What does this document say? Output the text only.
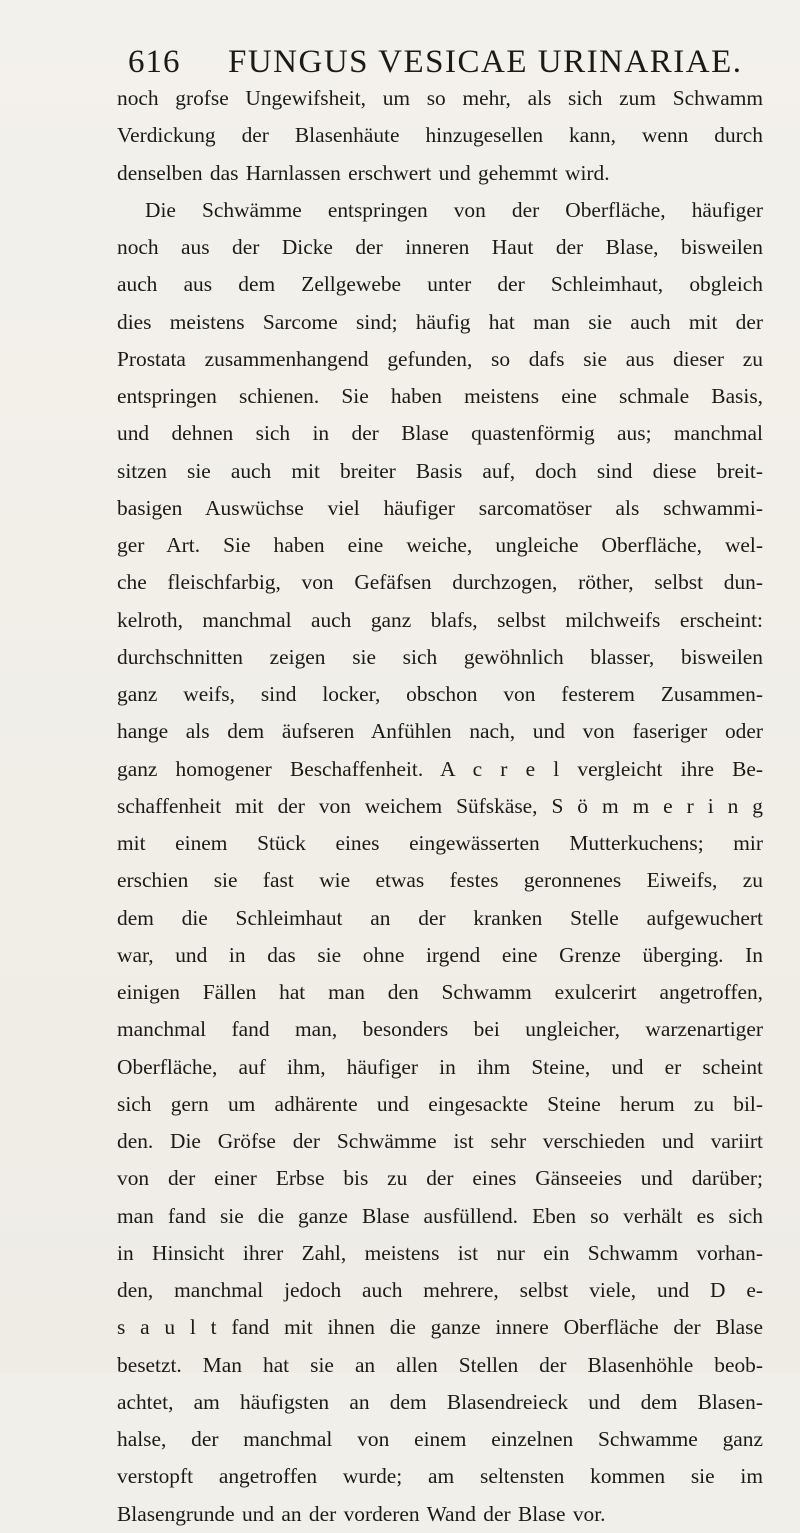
616 FUNGUS VESICAE URINARIAE.
noch grofse Ungewifsheit, um so mehr, als sich zum Schwamm
Verdickung der Blasenhäute hinzugesellen kann, wenn durch
denselben das Harnlassen erschwert und gehemmt wird.
Die Schwämme entspringen von der Oberfläche, häufiger
noch aus der Dicke der inneren Haut der Blase, bisweilen
auch aus dem Zellgewebe unter der Schleimhaut, obgleich
dies meistens Sarcome sind; häufig hat man sie auch mit der
Prostata zusammenhangend gefunden, so dafs sie aus dieser zu
entspringen schienen. Sie haben meistens eine schmale Basis,
und dehnen sich in der Blase quastenförmig aus; manchmal
sitzen sie auch mit breiter Basis auf, doch sind diese breit-
basigen Auswüchse viel häufiger sarcomatöser als schwammi-
ger Art. Sie haben eine weiche, ungleiche Oberfläche, wel-
che fleischfarbig, von Gefäfsen durchzogen, röther, selbst dun-
kelroth, manchmal auch ganz blafs, selbst milchweifs erscheint:
durchschnitten zeigen sie sich gewöhnlich blasser, bisweilen
ganz weifs, sind locker, obschon von festerem Zusammen-
hange als dem äufseren Anfühlen nach, und von faseriger oder
ganz homogener Beschaffenheit. A c r e l vergleicht ihre Be-
schaffenheit mit der von weichem Süfskäse, S ö m m e r i n g
mit einem Stück eines eingewässerten Mutterkuchens; mir
erschien sie fast wie etwas festes geronnenes Eiweifs, zu
dem die Schleimhaut an der kranken Stelle aufgewuchert
war, und in das sie ohne irgend eine Grenze überging. In
einigen Fällen hat man den Schwamm exulcerirt angetroffen,
manchmal fand man, besonders bei ungleicher, warzenartiger
Oberfläche, auf ihm, häufiger in ihm Steine, und er scheint
sich gern um adhärente und eingesackte Steine herum zu bil-
den. Die Gröfse der Schwämme ist sehr verschieden und variirt
von der einer Erbse bis zu der eines Gänseeies und darüber;
man fand sie die ganze Blase ausfüllend. Eben so verhält es sich
in Hinsicht ihrer Zahl, meistens ist nur ein Schwamm vorhan-
den, manchmal jedoch auch mehrere, selbst viele, und D e-
s a u l t fand mit ihnen die ganze innere Oberfläche der Blase
besetzt. Man hat sie an allen Stellen der Blasenhöhle beob-
achtet, am häufigsten an dem Blasendreieck und dem Blasen-
halse, der manchmal von einem einzelnen Schwamme ganz
verstopft angetroffen wurde; am seltensten kommen sie im
Blasengrunde und an der vorderen Wand der Blase vor.
